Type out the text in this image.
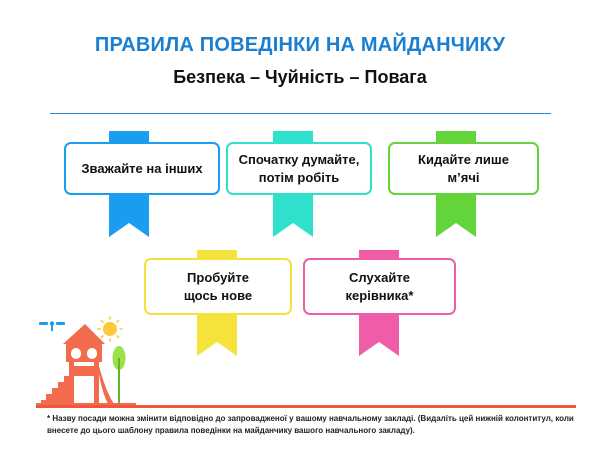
ПРАВИЛА ПОВЕДІНКИ НА МАЙДАНЧИКУ
Безпека – Чуйність – Повага
Зважайте на інших
Спочатку думайте, потім робіть
Кидайте лише м’ячі
Пробуйте щось нове
Слухайте керівника*
* Назву посади можна змінити відповідно до запровадженої у вашому навчальному закладі. (Видаліть цей нижній колонтитул, коли внесете до цього шаблону правила поведінки на майданчику вашого навчального закладу).
